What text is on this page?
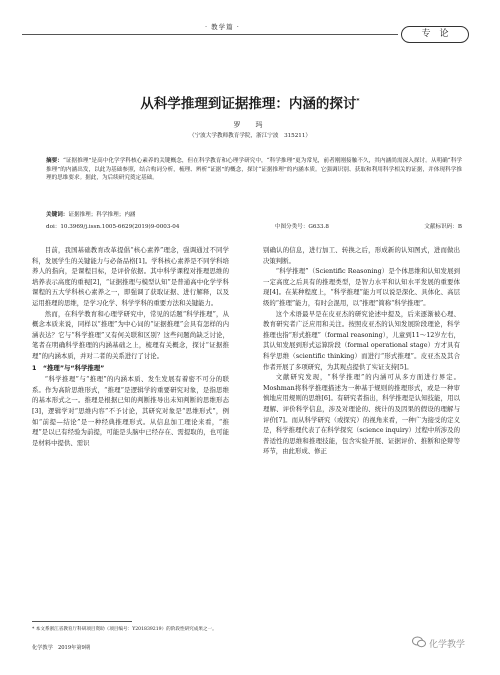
· 教学篇 ·
专　论
从科学推理到证据推理：内涵的探讨*
罗　玛
（宁波大学教师教育学院，浙江宁波　315211）
摘要：“证据推理”是高中化学学科核心素养的关键概念，但在科学教育和心理学研究中，“科学推理”更为常见，前者刚刚接触不久，其内涵尚需深入探讨。从明确“科学推理”的内涵出发，以此为基础参照，结合构词分析，梳理、辨析“证据”的概念，探讨“证据推理”的内涵本质。它强调识别、获取和利用科学相关的证据，并体现科学推理的思维要求。据此，为后续研究奠定基础。
关键词：证据推理；科学推理；内涵
doi：10.3969/j.issn.1005-6629(2019)9-0003-04	中图分类号：G633.8	文献标识码：B

目前，我国基础教育改革提倡“核心素养”理念，强调通过不同学科，发展学生的关键能力与必备品格[1]。学科核心素养是不同学科培养人的指向，是课程目标，是评价依据。其中科学课程对推理思维的培养表示高度的重视[2]，“证据推理与模型认知”是普通高中化学学科课程的五大学科核心素养之一，即强调了获取证据、进行解释，以及运用推理的思维，是学习化学、科学学科的重要方法和关键能力。

然而，在科学教育和心理学研究中，常见的话题“科学推理”，从概念本质来说，同样以“推理”为中心词的“证据推理”会具有怎样的内涵表达？它与“科学推理”又有何关联和区别？这些问题尚缺乏讨论，笔者在明确科学推理的内涵基础之上，梳理有关概念，探讨“证据推理”的内涵本质，并对二者的关系进行了讨论。

1　“推理”与“科学推理”

“科学推理”与“推理”的内涵本质、发生发展有着密不可分的联系。作为高阶思维形式，“推理”是逻辑学的重要研究对象，是指思维的基本形式之一。推理是根据已知的判断推导出未知判断的思维形态[3]，逻辑学对“思维内容”不予讨论，其研究对象是“思维形式”，例如“前提—结论”是一种经典推理形式。从信息加工理论来看，“推理”是以已有经验为前提，可能是头脑中已经存在、需提取的，也可能是材料中提供、需识

别确认的信息，进行加工、转换之后，形成新的认知图式，进而做出决策判断。

“科学推理”（Scientific Reasoning）是个体思维和认知发展到一定高度之后具有的推理类型，是智力水平和认知水平发展的重要体现[4]。在某种程度上，“科学推理”能力可以说是深化、具体化、高层级的“推理”能力，有时会混用，以“推理”简称“科学推理”。

这个术语最早是在皮亚杰的研究论述中提及，后来逐渐被心理、教育研究者广泛应用和关注。按照皮亚杰的认知发展阶段理论，科学推理也指“形式推理”（formal reasoning），儿童到11～12岁左右，其认知发展到形式运算阶段（formal operational stage）方才具有科学思维（scientific thinking）而进行“形式推理”。皮亚杰及其合作者开展了多项研究，为其观点提供了实证支持[5]。

文献研究发现，“科学推理”的内涵可从多方面进行界定。Moshman将科学推理描述为一种基于规则的推理形式，或是一种审慎地应用规则的思维[6]。有研究者指出，科学推理是认知技能，用以理解、评价科学信息，涉及对理论的、统计的及因果的假设的理解与评价[7]。而从科学研究（或探究）的视角来看，一种广为接受的定义是，科学推理代表了在科学探究（science inquiry）过程中所涉及的普适性的思维和推理技能，包含实验开展、证据评价、推断和论辩等环节，由此形成、修正

* 本文系浙江省教育厅科研项目资助（项目编号：Y201839219）的阶段性研究成果之一。
化学教学　2019年第9期	化学教学
